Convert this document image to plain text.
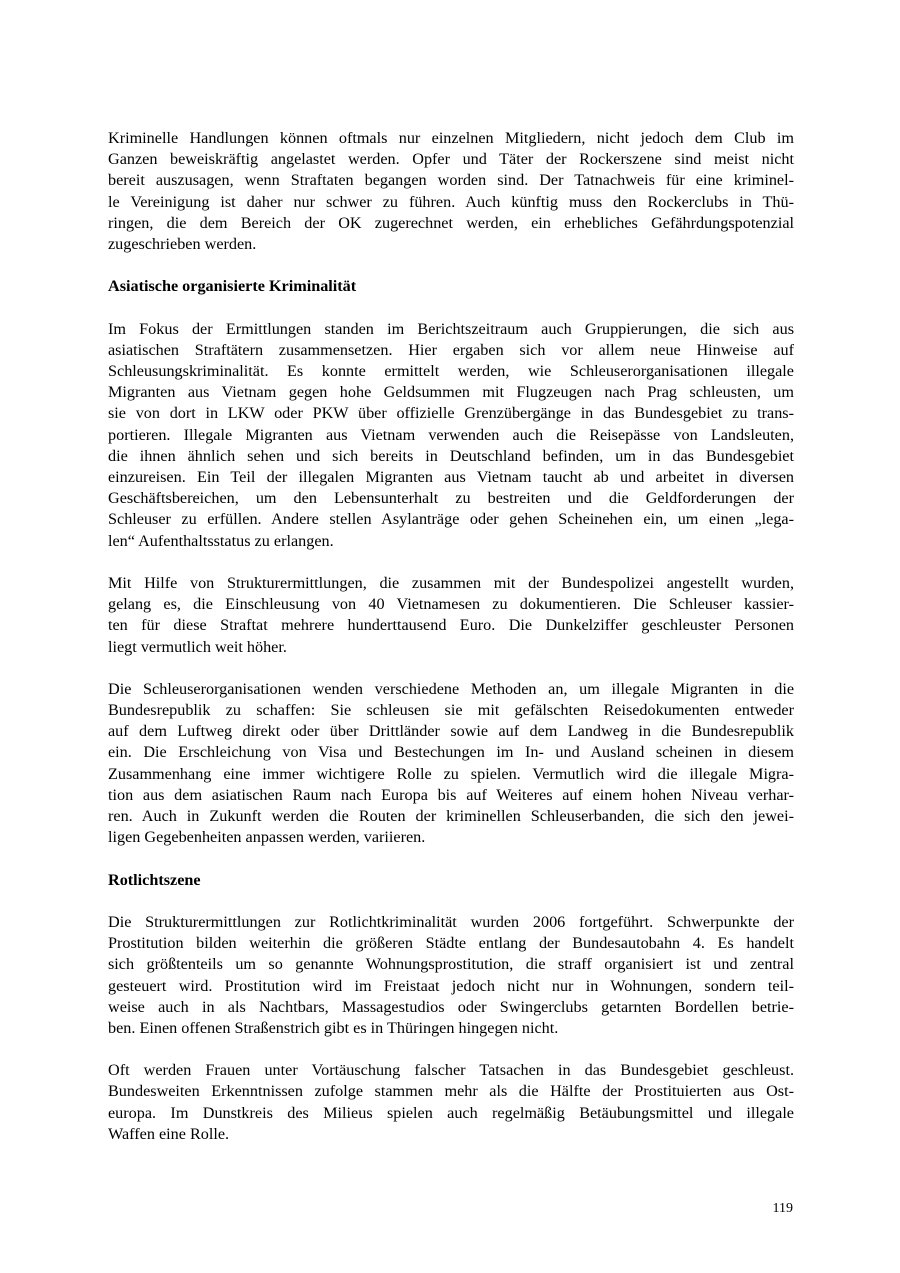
Kriminelle Handlungen können oftmals nur einzelnen Mitgliedern, nicht jedoch dem Club im
Ganzen beweiskräftig angelastet werden. Opfer und Täter der Rockerszene sind meist nicht
bereit auszusagen, wenn Straftaten begangen worden sind. Der Tatnachweis für eine kriminel-
le Vereinigung ist daher nur schwer zu führen. Auch künftig muss den Rockerclubs in Thü-
ringen, die dem Bereich der OK zugerechnet werden, ein erhebliches Gefährdungspotenzial
zugeschrieben werden.
Asiatische organisierte Kriminalität
Im Fokus der Ermittlungen standen im Berichtszeitraum auch Gruppierungen, die sich aus
asiatischen Straftätern zusammensetzen. Hier ergaben sich vor allem neue Hinweise auf
Schleusungskriminalität. Es konnte ermittelt werden, wie Schleuserorganisationen illegale
Migranten aus Vietnam gegen hohe Geldsummen mit Flugzeugen nach Prag schleusten, um
sie von dort in LKW oder PKW über offizielle Grenzübergänge in das Bundesgebiet zu trans-
portieren. Illegale Migranten aus Vietnam verwenden auch die Reisepässe von Landsleuten,
die ihnen ähnlich sehen und sich bereits in Deutschland befinden, um in das Bundesgebiet
einzureisen. Ein Teil der illegalen Migranten aus Vietnam taucht ab und arbeitet in diversen
Geschäftsbereichen, um den Lebensunterhalt zu bestreiten und die Geldforderungen der
Schleuser zu erfüllen. Andere stellen Asylanträge oder gehen Scheinehen ein, um einen „lega-
len“ Aufenthaltsstatus zu erlangen.
Mit Hilfe von Strukturermittlungen, die zusammen mit der Bundespolizei angestellt wurden,
gelang es, die Einschleusung von 40 Vietnamesen zu dokumentieren. Die Schleuser kassier-
ten für diese Straftat mehrere hunderttausend Euro. Die Dunkelziffer geschleuster Personen
liegt vermutlich weit höher.
Die Schleuserorganisationen wenden verschiedene Methoden an, um illegale Migranten in die
Bundesrepublik zu schaffen: Sie schleusen sie mit gefälschten Reisedokumenten entweder
auf dem Luftweg direkt oder über Drittländer sowie auf dem Landweg in die Bundesrepublik
ein. Die Erschleichung von Visa und Bestechungen im In- und Ausland scheinen in diesem
Zusammenhang eine immer wichtigere Rolle zu spielen. Vermutlich wird die illegale Migra-
tion aus dem asiatischen Raum nach Europa bis auf Weiteres auf einem hohen Niveau verhar-
ren. Auch in Zukunft werden die Routen der kriminellen Schleuserbanden, die sich den jewei-
ligen Gegebenheiten anpassen werden, variieren.
Rotlichtszene
Die Strukturermittlungen zur Rotlichtkriminalität wurden 2006 fortgeführt. Schwerpunkte der
Prostitution bilden weiterhin die größeren Städte entlang der Bundesautobahn 4. Es handelt
sich größtenteils um so genannte Wohnungsprostitution, die straff organisiert ist und zentral
gesteuert wird. Prostitution wird im Freistaat jedoch nicht nur in Wohnungen, sondern teil-
weise auch in als Nachtbars, Massagestudios oder Swingerclubs getarnten Bordellen betrie-
ben. Einen offenen Straßenstrich gibt es in Thüringen hingegen nicht.
Oft werden Frauen unter Vortäuschung falscher Tatsachen in das Bundesgebiet geschleust.
Bundesweiten Erkenntnissen zufolge stammen mehr als die Hälfte der Prostituierten aus Ost-
europa. Im Dunstkreis des Milieus spielen auch regelmäßig Betäubungsmittel und illegale
Waffen eine Rolle.
119
